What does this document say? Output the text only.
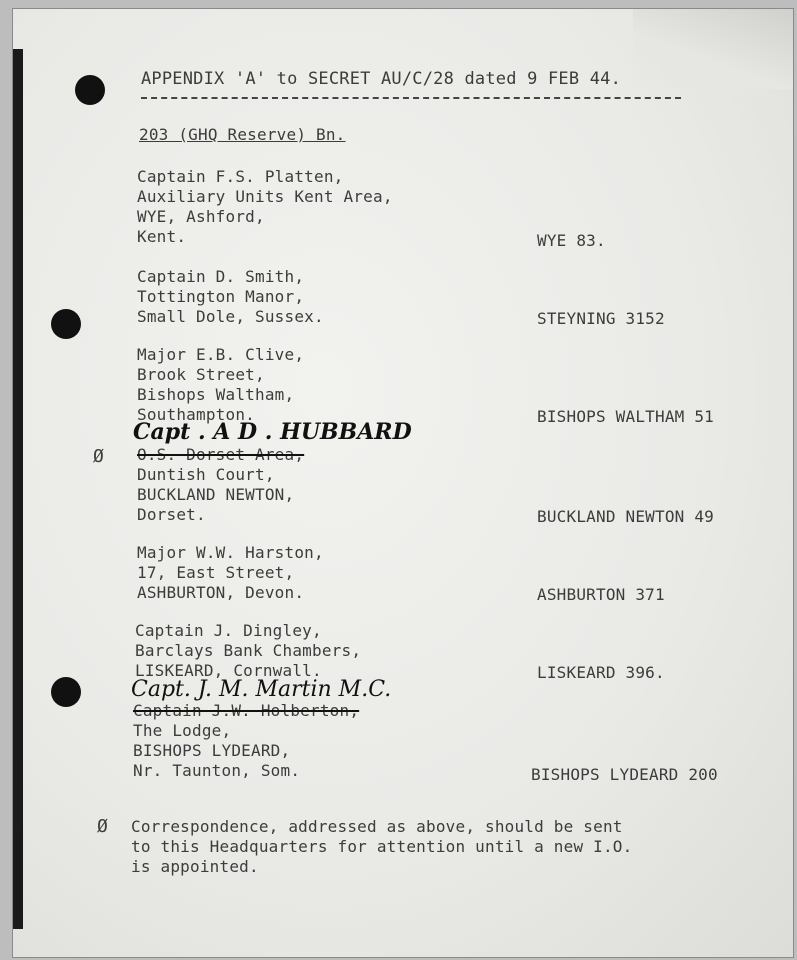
APPENDIX 'A' to SECRET AU/C/28 dated 9 FEB 44.
203 (GHQ Reserve) Bn.
Captain F.S. Platten,
Auxiliary Units Kent Area,
WYE, Ashford,
Kent.	WYE 83.
Captain D. Smith,
Tottington Manor,
Small Dole, Sussex.	STEYNING 3152
Major E.B. Clive,
Brook Street,
Bishops Waltham,
Southampton.	BISHOPS WALTHAM 51
Ø
Capt . A D . HUBBARD
O.S. Dorset Area,
Duntish Court,
BUCKLAND NEWTON,
Dorset.	BUCKLAND NEWTON 49
Major W.W. Harston,
17, East Street,
ASHBURTON, Devon.	ASHBURTON 371
Captain J. Dingley,
Barclays Bank Chambers,
LISKEARD, Cornwall.	LISKEARD 396.
Capt. J. M. Martin M.C.
Captain J.W. Holberton,
The Lodge,
BISHOPS LYDEARD,
Nr. Taunton, Som.	BISHOPS LYDEARD 200
Ø Correspondence, addressed as above, should be sent
to this Headquarters for attention until a new I.O.
is appointed.
